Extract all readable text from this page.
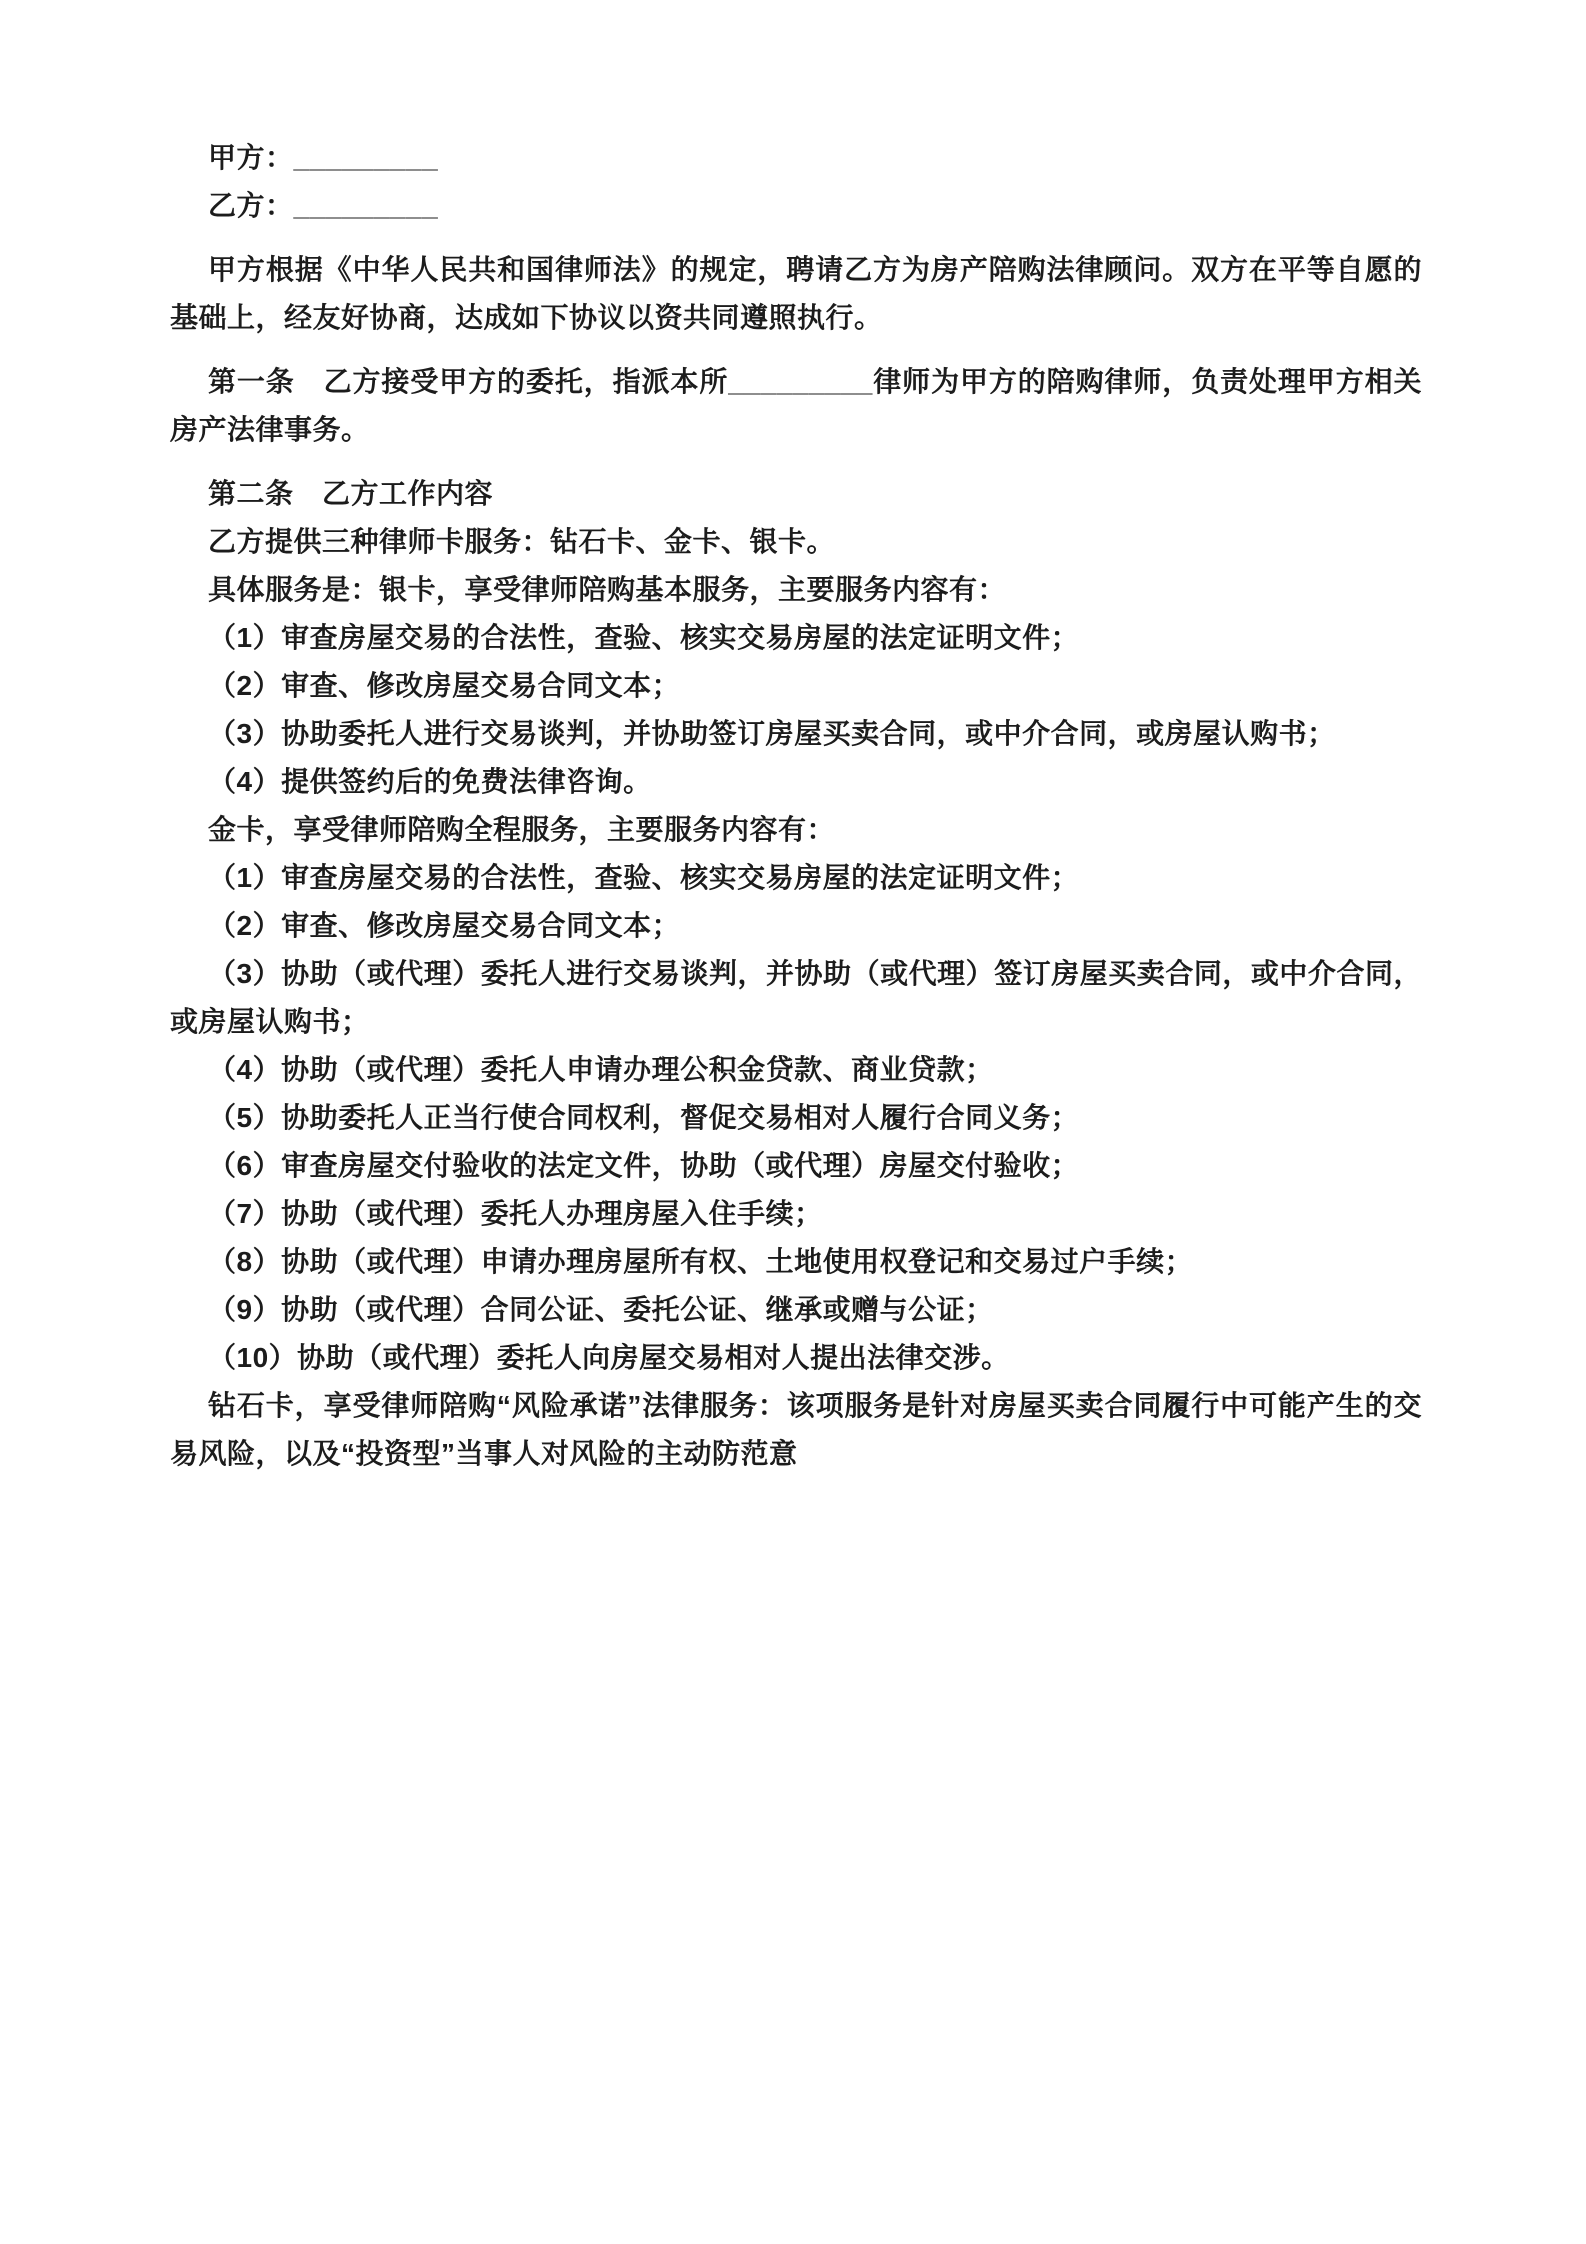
甲方：_________

乙方：_________

甲方根据《中华人民共和国律师法》的规定，聘请乙方为房产陪购法律顾问。双方在平等自愿的基础上，经友好协商，达成如下协议以资共同遵照执行。

第一条　乙方接受甲方的委托，指派本所_________律师为甲方的陪购律师，负责处理甲方相关房产法律事务。

第二条　乙方工作内容

乙方提供三种律师卡服务：钻石卡、金卡、银卡。

具体服务是：银卡，享受律师陪购基本服务，主要服务内容有：

（1）审查房屋交易的合法性，查验、核实交易房屋的法定证明文件；

（2）审查、修改房屋交易合同文本；

（3）协助委托人进行交易谈判，并协助签订房屋买卖合同，或中介合同，或房屋认购书；

（4）提供签约后的免费法律咨询。

金卡，享受律师陪购全程服务，主要服务内容有：

（1）审查房屋交易的合法性，查验、核实交易房屋的法定证明文件；

（2）审查、修改房屋交易合同文本；

（3）协助（或代理）委托人进行交易谈判，并协助（或代理）签订房屋买卖合同，或中介合同，或房屋认购书；

（4）协助（或代理）委托人申请办理公积金贷款、商业贷款；

（5）协助委托人正当行使合同权利，督促交易相对人履行合同义务；

（6）审查房屋交付验收的法定文件，协助（或代理）房屋交付验收；

（7）协助（或代理）委托人办理房屋入住手续；

（8）协助（或代理）申请办理房屋所有权、土地使用权登记和交易过户手续；

（9）协助（或代理）合同公证、委托公证、继承或赠与公证；

（10）协助（或代理）委托人向房屋交易相对人提出法律交涉。

钻石卡，享受律师陪购“风险承诺”法律服务：该项服务是针对房屋买卖合同履行中可能产生的交易风险，以及“投资型”当事人对风险的主动防范意
